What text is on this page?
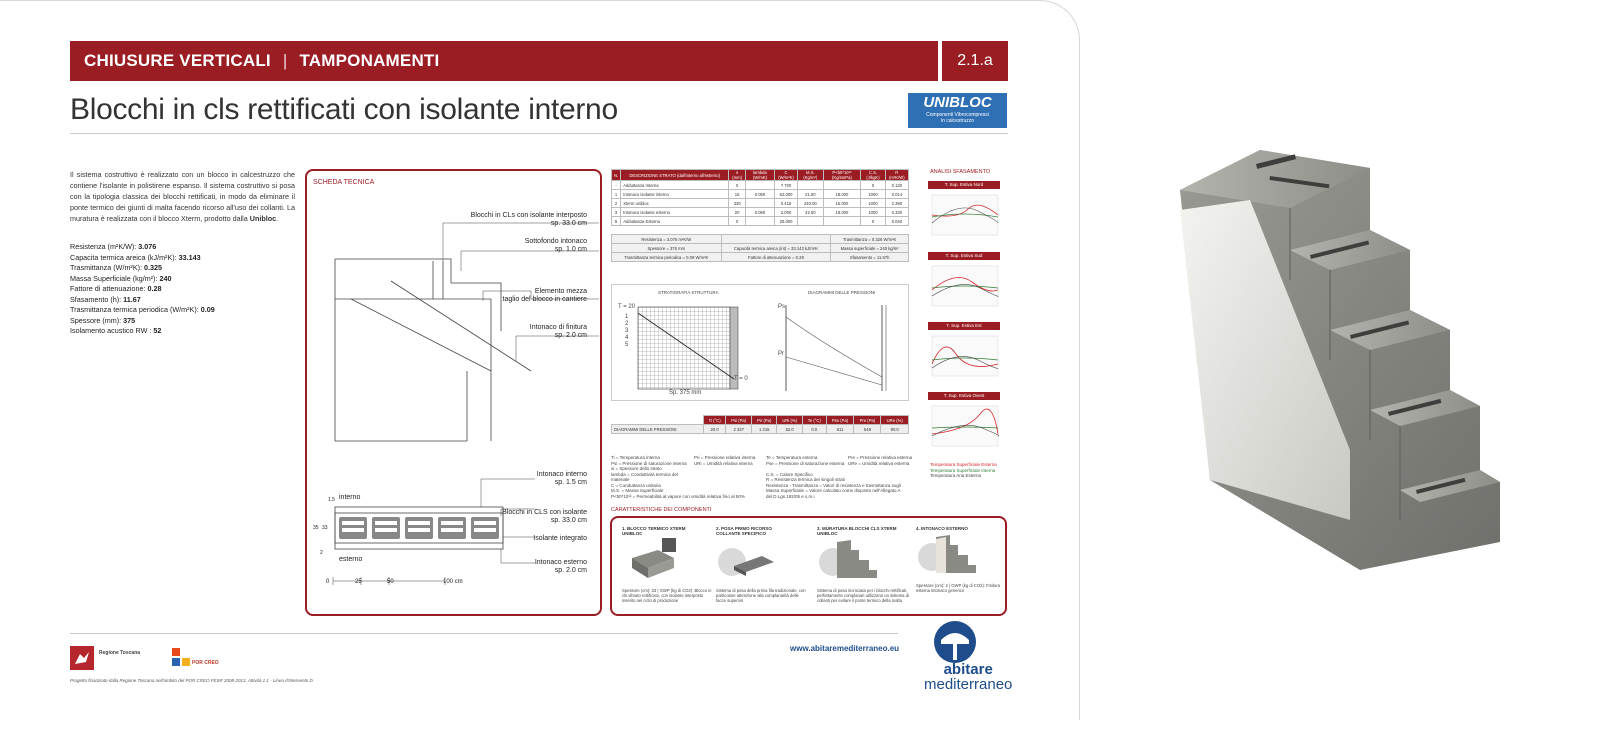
CHIUSURE VERTICALI | TAMPONAMENTI	2.1.a
Blocchi in cls rettificati con isolante interno	UNIBLOC
Componenti Vibrocompressi
in calcestruzzo
Il sistema costruttivo è realizzato con un blocco in calcestruzzo che contiene l'isolante in polistirene espanso. Il sistema costruttivo si posa con la tipologia classica dei blocchi rettificati, in modo da eliminare il ponte termico dei giunti di malta facendo ricorso all'uso dei collanti. La muratura è realizzata con il blocco Xterm, prodotto dalla Unibloc.
Resistenza (m²K/W): 3.076
Capacita termica areica (kJ/m²K): 33.143
Trasmittanza (W/m²K): 0.325
Massa Superficiale (kg/m²): 240
Fattore di attenuazione: 0.28
Sfasamento (h): 11.67
Trasmittanza termica periodica (W/m²K): 0.09
Spessore (mm): 375
Isolamento acustico RW : 52
SCHEDA TECNICA
Blocchi in CLs con isolante interposto
sp. 33.0 cm
Sottofondo intonaco
sp. 1.0 cm
Elemento mezza
taglio del blocco in cantiere
Intonaco di finitura
sp. 2.0 cm
Intonaco interno
sp. 1.5 cm
Blocchi in CLS con isolante
sp. 33.0 cm
Isolante integrato
Intonaco esterno
sp. 2.0 cm
interno
esterno
1.5
35 33
2
0	25	50	100 cm
N.	DESCRIZIONE STRATO (dall'interno all'esterno)	s (mm)	lambda (W/mK)	C (W/m²K)	M.S. (Kg/m²)	P<50*10¹² (Kg/smPa)	C.S. (J/kgK)	R (m²K/W)
-	Adduttanza Interna	0		7.700			0	0.130
1	Intonaco isolante interno	15	0.050	62.000	21.00	18.000	1000	0.014
2	Xterm unibloc	330		0.418	240.00	15.000	1000	2.390
3	Intonaco isolante esterno	20	0.060	2.000	42.00	18.000	1000	0.330
5	Adduttanza Esterna	0		25.000			0	0.040
Resistenza = 3.076 m²K/W		Trasmittanza = 0.326 W/m²K
Spessore = 376 mm	Capacità termica areica (int) = 33.143 kJ/m²K	Massa superficiale = 240 kg/m²
Trasmittanza termica periodica = 0.09 W/m²K	Fattore di attenuazione = 0.28	Sfasamento = 11.67h
STRATIGRAFIA STRUTTURA	DIAGRAMMI DELLE PRESSIONI
T = 20
T = 0
1
2
3
4
5
Sp. 375 mm
Ps
Pr
	Ti (°C)	Psi (Pa)	Pri (Pa)	URi (%)	Te (°C)	Pse (Pa)	Pre (Pa)	URe (%)
DIAGRAMMI DELLE PRESSIONI	20.0	2 337	1 215	52.0	0.0	611	549	90.0
Ti = Temperatura interna
Psi = Pressione di saturazione interna
si = Spessore dello strato
lambda = Conduttività termica del materiale
C = Conduttanza unitaria
M.S. = Massa Superficiale
P<50*10¹² = Permeabilità al vapore con umidità relativa fino al 50%
Pri = Pressione relativa interna
URi = Umidità relativa interna
Te = Temperatura esterna
Pse = Pressione di saturazione esterna
C.S. = Calore Specifico
R = Resistenza termica dei singoli strati
Resistenza - Trasmittanza = Valori di resistenza e trasmittanza sugli
Massa Superficiale = Valore calcolato come disposto nell'Allegato A
del D.Lgs.192/05 e s.m.i
Pre = Pressione relativa esterna
URe = Umidità relativa esterna
ANALISI SFASAMENTO
T. Sup. Estiva Nord
T. Sup. Estiva Sud
T. Sup. Estiva Est
T. Sup. Estiva Ovest
Temperatura Superficiale Esterna
Temperatura Superficiale Interna
Temperatura Aria Esterna
CARATTERISTICHE DEI COMPONENTI
1. BLOCCO TERMICO XTERM
UNIBLOC
Spessore (cm): 33 | GWP (kg di CO2): Blocco in cls vibrato rettificato, con isolante interposto inserito nel ciclo di produzione
2. POSA PRIMO RICORSO
COLLANTE SPECIFICO
Sistema di posa della prima fila tradizionale, con particolare attenzione alla complanarità delle facce superiori
3. MURATURA BLOCCHI CLS XTERM
UNIBLOC
Sistema di posa incrociata per i blocchi rettificati, perfettamente complanari utilizzano un sistema di collanti per evitare il ponte termico della malta
4. INTONACO ESTERNO
Spessore (cm): 2 | GWP (kg di CO2): Finitura esterna intonaco generico
Regione Toscana
POR CREO
www.abitaremediterraneo.eu
Progetto finanziato dalla Regione Toscana nell'ambito del POR CREO FESR 2008-2013. Attività 1.1 - Linea d'intervento D
abitare
mediterraneo
